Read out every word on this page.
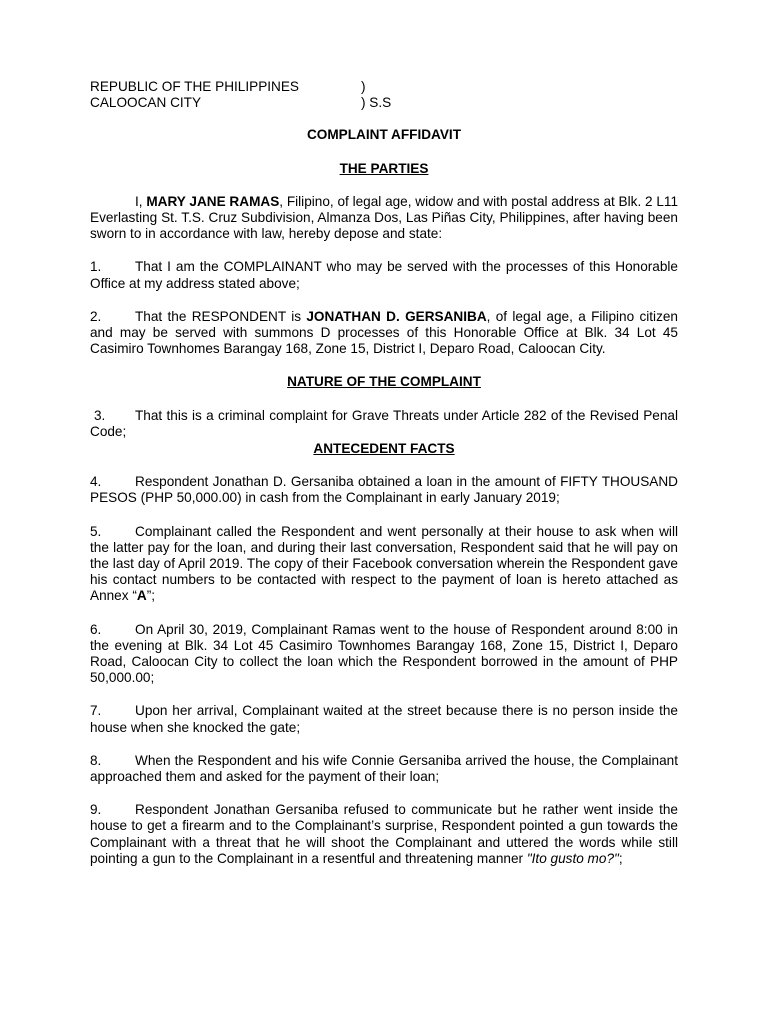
REPUBLIC OF THE PHILIPPINES	)
CALOOCAN CITY	) S.S
COMPLAINT AFFIDAVIT
THE PARTIES
I, MARY JANE RAMAS, Filipino, of legal age, widow and with postal address at Blk. 2 L11 Everlasting St. T.S. Cruz Subdivision, Almanza Dos, Las Piñas City, Philippines, after having been sworn to in accordance with law, hereby depose and state:
1. That I am the COMPLAINANT who may be served with the processes of this Honorable Office at my address stated above;
2. That the RESPONDENT is JONATHAN D. GERSANIBA, of legal age, a Filipino citizen and may be served with summons D processes of this Honorable Office at Blk. 34 Lot 45 Casimiro Townhomes Barangay 168, Zone 15, District I, Deparo Road, Caloocan City.
NATURE OF THE COMPLAINT
3. That this is a criminal complaint for Grave Threats under Article 282 of the Revised Penal Code;
ANTECEDENT FACTS
4. Respondent Jonathan D. Gersaniba obtained a loan in the amount of FIFTY THOUSAND PESOS (PHP 50,000.00) in cash from the Complainant in early January 2019;
5. Complainant called the Respondent and went personally at their house to ask when will the latter pay for the loan, and during their last conversation, Respondent said that he will pay on the last day of April 2019. The copy of their Facebook conversation wherein the Respondent gave his contact numbers to be contacted with respect to the payment of loan is hereto attached as Annex “A”;
6. On April 30, 2019, Complainant Ramas went to the house of Respondent around 8:00 in the evening at Blk. 34 Lot 45 Casimiro Townhomes Barangay 168, Zone 15, District I, Deparo Road, Caloocan City to collect the loan which the Respondent borrowed in the amount of PHP 50,000.00;
7. Upon her arrival, Complainant waited at the street because there is no person inside the house when she knocked the gate;
8. When the Respondent and his wife Connie Gersaniba arrived the house, the Complainant approached them and asked for the payment of their loan;
9. Respondent Jonathan Gersaniba refused to communicate but he rather went inside the house to get a firearm and to the Complainant’s surprise, Respondent pointed a gun towards the Complainant with a threat that he will shoot the Complainant and uttered the words while still pointing a gun to the Complainant in a resentful and threatening manner "Ito gusto mo?";
